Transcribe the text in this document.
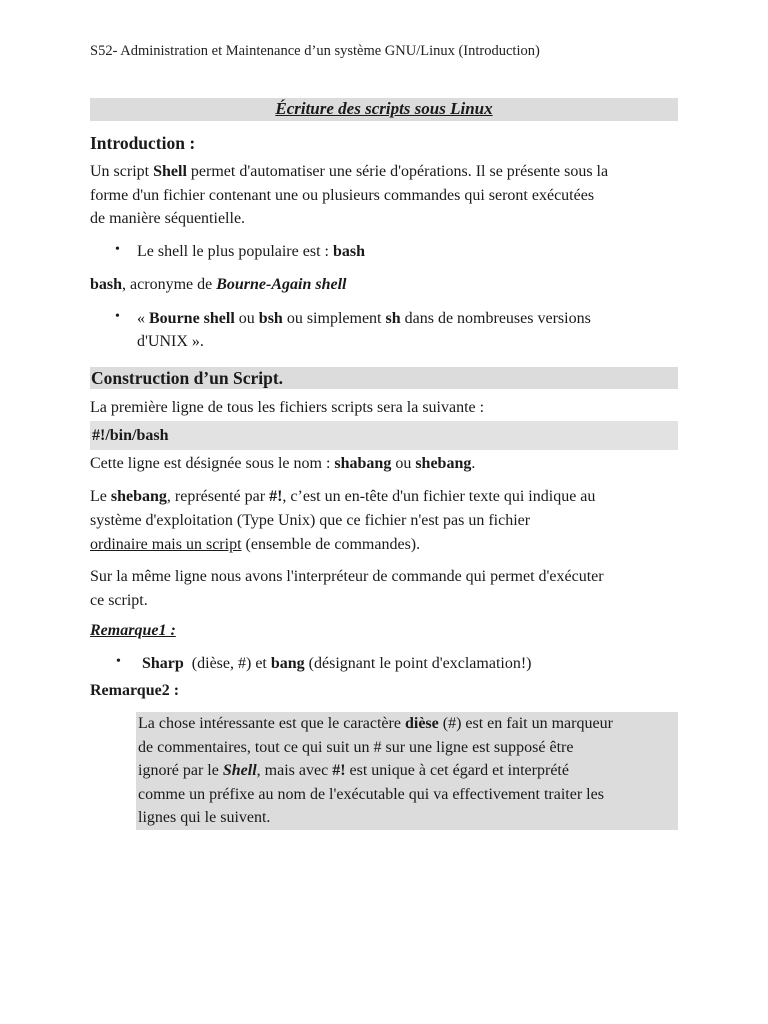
S52- Administration et Maintenance d’un système GNU/Linux (Introduction)
Écriture des scripts sous Linux
Introduction :
Un script Shell permet d'automatiser une série d'opérations. Il se présente sous la
forme d'un fichier contenant une ou plusieurs commandes qui seront exécutées
de manière séquentielle.
• Le shell le plus populaire est : bash
bash, acronyme de Bourne-Again shell
• « Bourne shell ou bsh ou simplement sh dans de nombreuses versions
d'UNIX ».
Construction d’un Script.
La première ligne de tous les fichiers scripts sera la suivante :
#!/bin/bash
Cette ligne est désignée sous le nom : shabang ou shebang.
Le shebang, représenté par #!, c’est un en-tête d'un fichier texte qui indique au
système d'exploitation (Type Unix) que ce fichier n'est pas un fichier
ordinaire mais un script (ensemble de commandes).
Sur la même ligne nous avons l'interpréteur de commande qui permet d'exécuter
ce script.
Remarque1 :
• Sharp  (dièse, #) et bang (désignant le point d'exclamation!)
Remarque2 :
La chose intéressante est que le caractère dièse (#) est en fait un marqueur
de commentaires, tout ce qui suit un # sur une ligne est supposé être
ignoré par le Shell, mais avec #! est unique à cet égard et interprété
comme un préfixe au nom de l'exécutable qui va effectivement traiter les
lignes qui le suivent.
